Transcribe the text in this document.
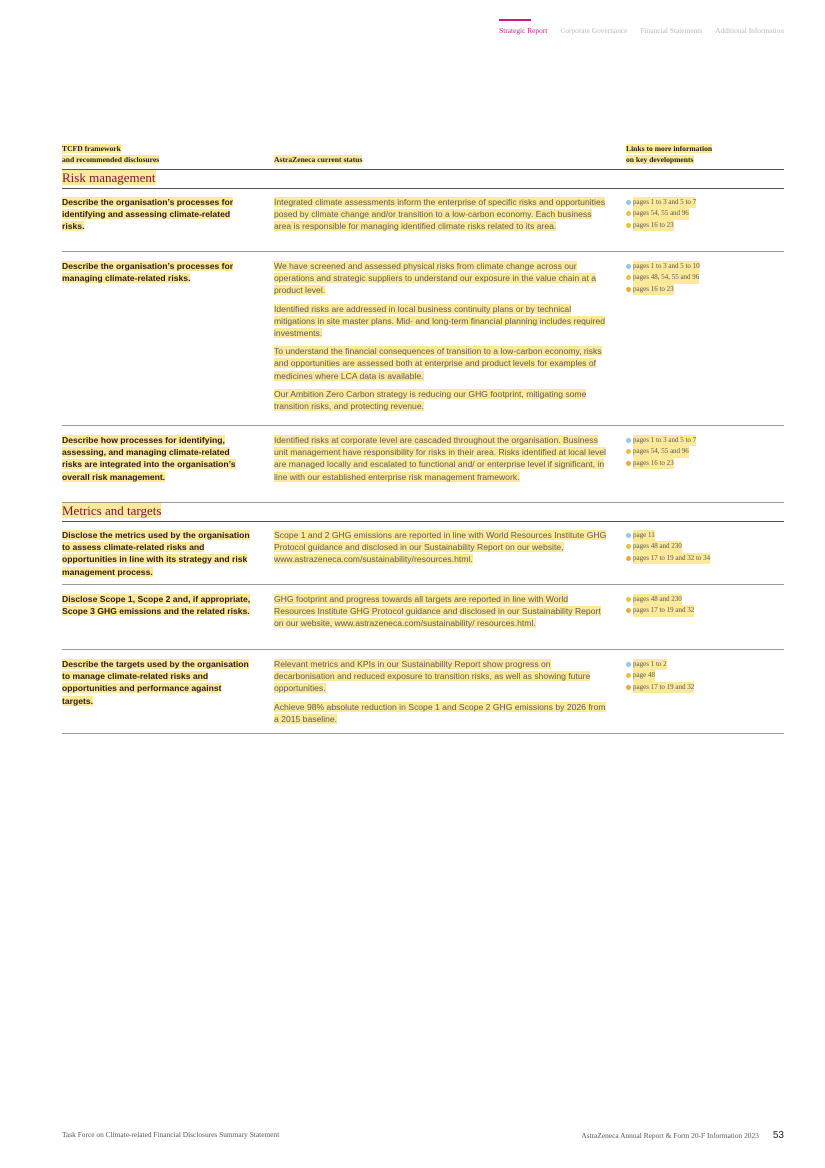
Strategic Report Corporate Governance Financial Statements Additional Information
TCFD framework
and recommended disclosures	AstraZeneca current status
Links to more information
on key developments
Risk management
Describe the organisation’s processes for identifying and assessing climate-related risks.

Integrated climate assessments inform the enterprise of specific risks and opportunities posed by climate change and/or transition to a low-carbon economy. Each business area is responsible for managing identified climate risks related to its area.

pages 1 to 3 and 5 to 7
pages 54, 55 and 96
pages 16 to 23
Describe the organisation’s processes for managing climate-related risks.

We have screened and assessed physical risks from climate change across our operations and strategic suppliers to understand our exposure in the value chain at a product level.

Identified risks are addressed in local business continuity plans or by technical mitigations in site master plans. Mid- and long-term financial planning includes required investments.

To understand the financial consequences of transition to a low-carbon economy, risks and opportunities are assessed both at enterprise and product levels for examples of medicines where LCA data is available.

Our Ambition Zero Carbon strategy is reducing our GHG footprint, mitigating some transition risks, and protecting revenue.

pages 1 to 3 and 5 to 10
pages 48, 54, 55 and 96
pages 16 to 23
Describe how processes for identifying, assessing, and managing climate-related risks are integrated into the organisation’s overall risk management.

Identified risks at corporate level are cascaded throughout the organisation. Business unit management have responsibility for risks in their area. Risks identified at local level are managed locally and escalated to functional and/ or enterprise level if significant, in line with our established enterprise risk management framework.

pages 1 to 3 and 5 to 7
pages 54, 55 and 96
pages 16 to 23
Disclose the metrics used by the organisation to assess climate-related risks and opportunities in line with its strategy and risk management process.

Scope 1 and 2 GHG emissions are reported in line with World Resources Institute GHG Protocol guidance and disclosed in our Sustainability Report on our website, www.astrazeneca.com/sustainability/resources.html.

page 11
pages 48 and 230
pages 17 to 19 and 32 to 34
Disclose Scope 1, Scope 2 and, if appropriate, Scope 3 GHG emissions and the related risks.

GHG footprint and progress towards all targets are reported in line with World Resources Institute GHG Protocol guidance and disclosed in our Sustainability Report on our website, www.astrazeneca.com/sustainability/ resources.html.

pages 48 and 230
pages 17 to 19 and 32
Describe the targets used by the organisation to manage climate-related risks and opportunities and performance against targets.

Relevant metrics and KPIs in our Sustainability Report show progress on decarbonisation and reduced exposure to transition risks, as well as showing future opportunities.

Achieve 98% absolute reduction in Scope 1 and Scope 2 GHG emissions by 2026 from a 2015 baseline.

pages 1 to 2
page 48
pages 17 to 19 and 32
Metrics and targets
Task Force on Climate-related Financial Disclosures Summary Statement	AstraZeneca Annual Report & Form 20-F Information 2023 53
